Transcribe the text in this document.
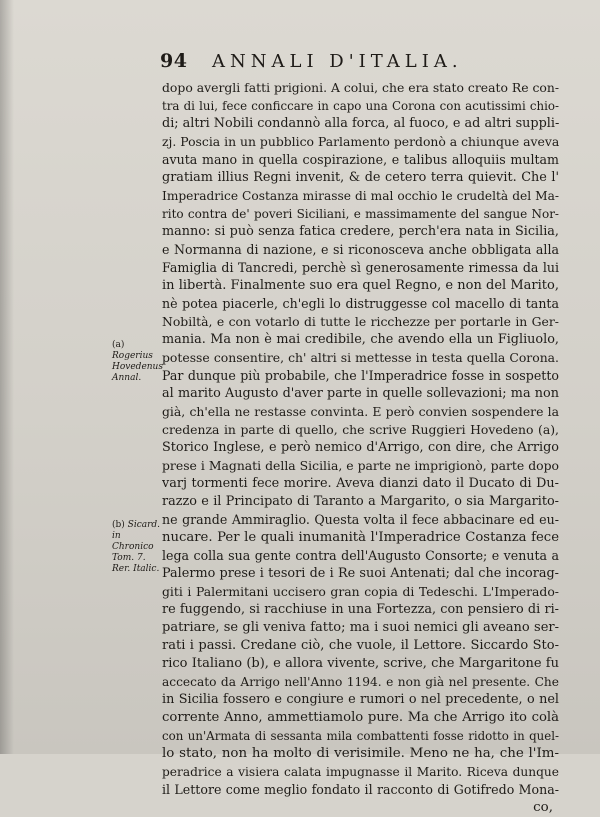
94 ANNALI D'ITALIA.
(a) Rogerius Hovedenus Annal.
(b) Sicard. in Chronico Tom. 7. Rer. Italic.
dopo avergli fatti prigioni. A colui, che era stato creato Re con-
tra di lui, fece conficcare in capo una Corona con acutissimi chio-
di; altri Nobili condannò alla forca, al fuoco, e ad altri suppli-
zj. Poscia in un pubblico Parlamento perdonò a chiunque aveva
avuta mano in quella cospirazione, e talibus alloquiis multam
gratiam illius Regni invenit, & de cetero terra quievit. Che l'
Imperadrice Costanza mirasse di mal occhio le crudeltà del Ma-
rito contra de' poveri Siciliani, e massimamente del sangue Nor-
manno: si può senza fatica credere, perch'era nata in Sicilia,
e Normanna di nazione, e si riconosceva anche obbligata alla
Famiglia di Tancredi, perchè sì generosamente rimessa da lui
in libertà. Finalmente suo era quel Regno, e non del Marito,
nè potea piacerle, ch'egli lo distruggesse col macello di tanta
Nobiltà, e con votarlo di tutte le ricchezze per portarle in Ger-
mania. Ma non è mai credibile, che avendo ella un Figliuolo,
potesse consentire, ch' altri si mettesse in testa quella Corona.
Par dunque più probabile, che l'Imperadrice fosse in sospetto
al marito Augusto d'aver parte in quelle sollevazioni; ma non
già, ch'ella ne restasse convinta. E però convien sospendere la
credenza in parte di quello, che scrive Ruggieri Hovedeno (a),
Storico Inglese, e però nemico d'Arrigo, con dire, che Arrigo
prese i Magnati della Sicilia, e parte ne imprigionò, parte dopo
varj tormenti fece morire. Aveva dianzi dato il Ducato di Du-
razzo e il Principato di Taranto a Margarito, o sia Margarito-
ne grande Ammiraglio. Questa volta il fece abbacinare ed eu-
nucare. Per le quali inumanità l'Imperadrice Costanza fece
lega colla sua gente contra dell'Augusto Consorte; e venuta a
Palermo prese i tesori de i Re suoi Antenati; dal che incorag-
giti i Palermitani uccisero gran copia di Tedeschi. L'Imperado-
re fuggendo, si racchiuse in una Fortezza, con pensiero di ri-
patriare, se gli veniva fatto; ma i suoi nemici gli aveano ser-
rati i passi. Credane ciò, che vuole, il Lettore. Siccardo Sto-
rico Italiano (b), e allora vivente, scrive, che Margaritone fu
accecato da Arrigo nell'Anno 1194. e non già nel presente. Che
in Sicilia fossero e congiure e rumori o nel precedente, o nel
corrente Anno, ammettiamolo pure. Ma che Arrigo ito colà
con un'Armata di sessanta mila combattenti fosse ridotto in quel-
lo stato, non ha molto di verisimile. Meno ne ha, che l'Im-
peradrice a visiera calata impugnasse il Marito. Riceva dunque
il Lettore come meglio fondato il racconto di Gotifredo Mona-
co,
